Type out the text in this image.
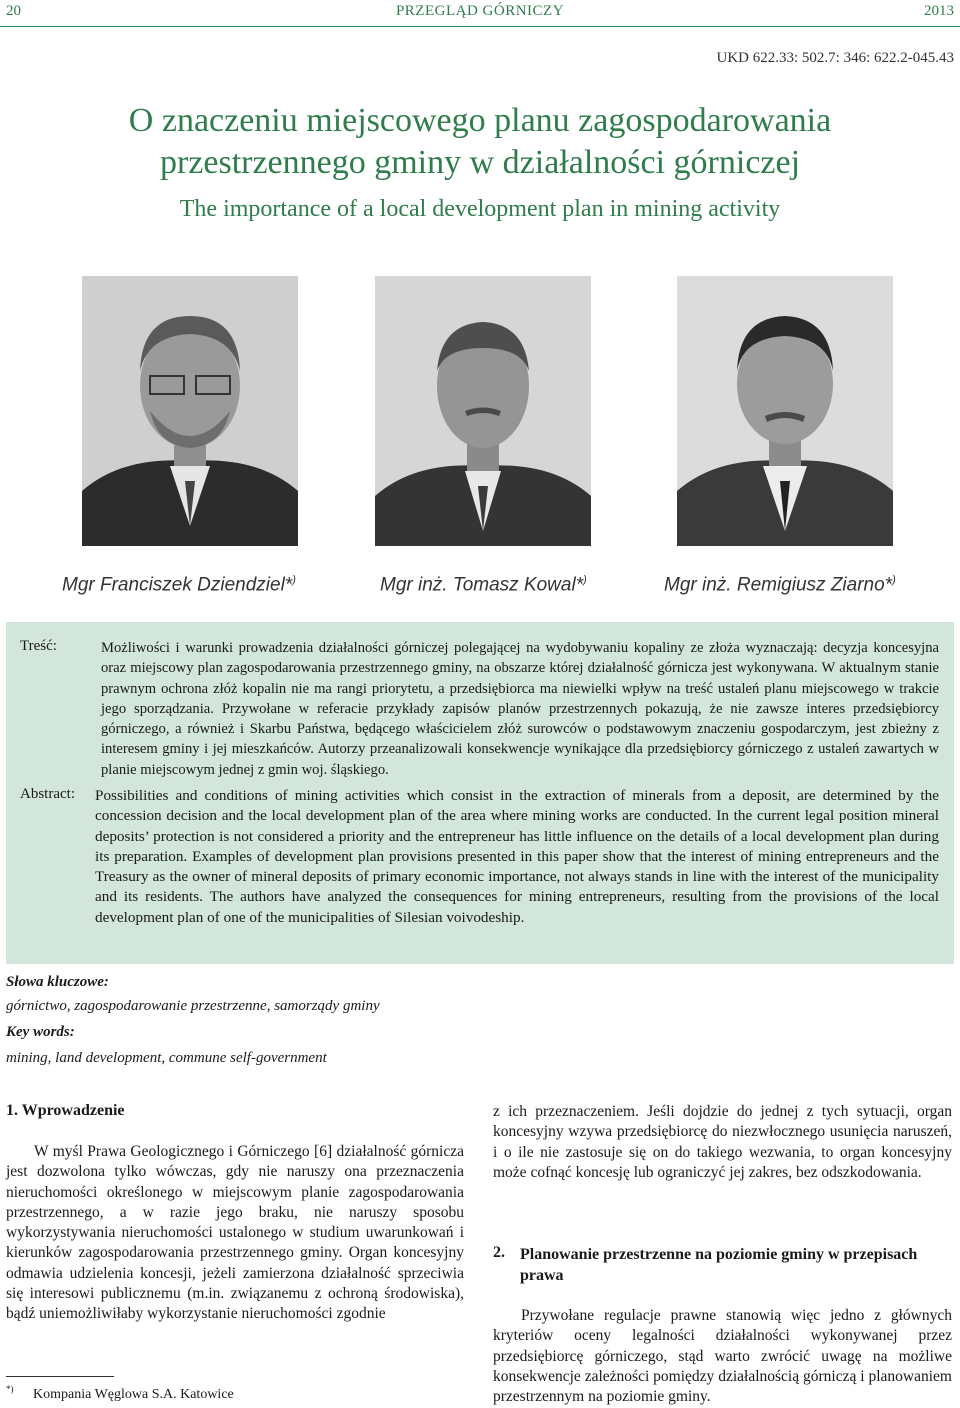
20	PRZEGLĄD GÓRNICZY	2013
UKD 622.33: 502.7: 346: 622.2-045.43
O znaczeniu miejscowego planu zagospodarowania
przestrzennego gminy w działalności górniczej
The importance of a local development plan in mining activity
Mgr Franciszek Dziendziel*)	Mgr inż. Tomasz Kowal*)	Mgr inż. Remigiusz Ziarno*)
Treść:	Możliwości i warunki prowadzenia działalności górniczej polegającej na wydobywaniu kopaliny ze złoża wyznaczają: decyzja koncesyjna oraz miejscowy plan zagospodarowania przestrzennego gminy, na obszarze której działalność górnicza jest wykonywana. W aktualnym stanie prawnym ochrona złóż kopalin nie ma rangi priorytetu, a przedsiębiorca ma niewielki wpływ na treść ustaleń planu miejscowego w trakcie jego sporządzania. Przywołane w referacie przykłady zapisów planów przestrzennych pokazują, że nie zawsze interes przedsiębiorcy górniczego, a również i Skarbu Państwa, będącego właścicielem złóż surowców o podstawowym znaczeniu gospodarczym, jest zbieżny z interesem gminy i jej mieszkańców. Autorzy przeanalizowali konsekwencje wynikające dla przedsiębiorcy górniczego z ustaleń zawartych w planie miejscowym jednej z gmin woj. śląskiego.
Abstract: Possibilities and conditions of mining activities which consist in the extraction of minerals from a deposit, are determined by the concession decision and the local development plan of the area where mining works are conducted. In the current legal position mineral deposits’ protection is not considered a priority and the entrepreneur has little influence on the details of a local development plan during its preparation. Examples of development plan provisions presented in this paper show that the interest of mining entrepreneurs and the Treasury as the owner of mineral deposits of primary economic importance, not always stands in line with the interest of the municipality and its residents. The authors have analyzed the consequences for mining entrepreneurs, resulting from the provisions of the local development plan of one of the municipalities of Silesian voivodeship.
Słowa kluczowe:
górnictwo, zagospodarowanie przestrzenne, samorządy gminy
Key words:
mining, land development, commune self-government
1. Wprowadzenie
W myśl Prawa Geologicznego i Górniczego [6] działalność górnicza jest dozwolona tylko wówczas, gdy nie naruszy ona przeznaczenia nieruchomości określonego w miejscowym planie zagospodarowania przestrzennego, a w razie jego braku, nie naruszy sposobu wykorzystywania nieruchomości ustalonego w studium uwarunkowań i kierunków zagospodarowania przestrzennego gminy. Organ koncesyjny odmawia udzielenia koncesji, jeżeli zamierzona działalność sprzeciwia się interesowi publicznemu (m.in. związanemu z ochroną środowiska), bądź uniemożliwiłaby wykorzystanie nieruchomości zgodnie
z ich przeznaczeniem. Jeśli dojdzie do jednej z tych sytuacji, organ koncesyjny wzywa przedsiębiorcę do niezwłocznego usunięcia naruszeń, i o ile nie zastosuje się on do takiego wezwania, to organ koncesyjny może cofnąć koncesję lub ograniczyć jej zakres, bez odszkodowania.
2. Planowanie przestrzenne na poziomie gminy w przepisach prawa
Przywołane regulacje prawne stanowią więc jedno z głównych kryteriów oceny legalności działalności wykonywanej przez przedsiębiorcę górniczego, stąd warto zwrócić uwagę na możliwe konsekwencje zależności pomiędzy działalnością górniczą i planowaniem przestrzennym na poziomie gminy.
*) Kompania Węglowa S.A. Katowice
